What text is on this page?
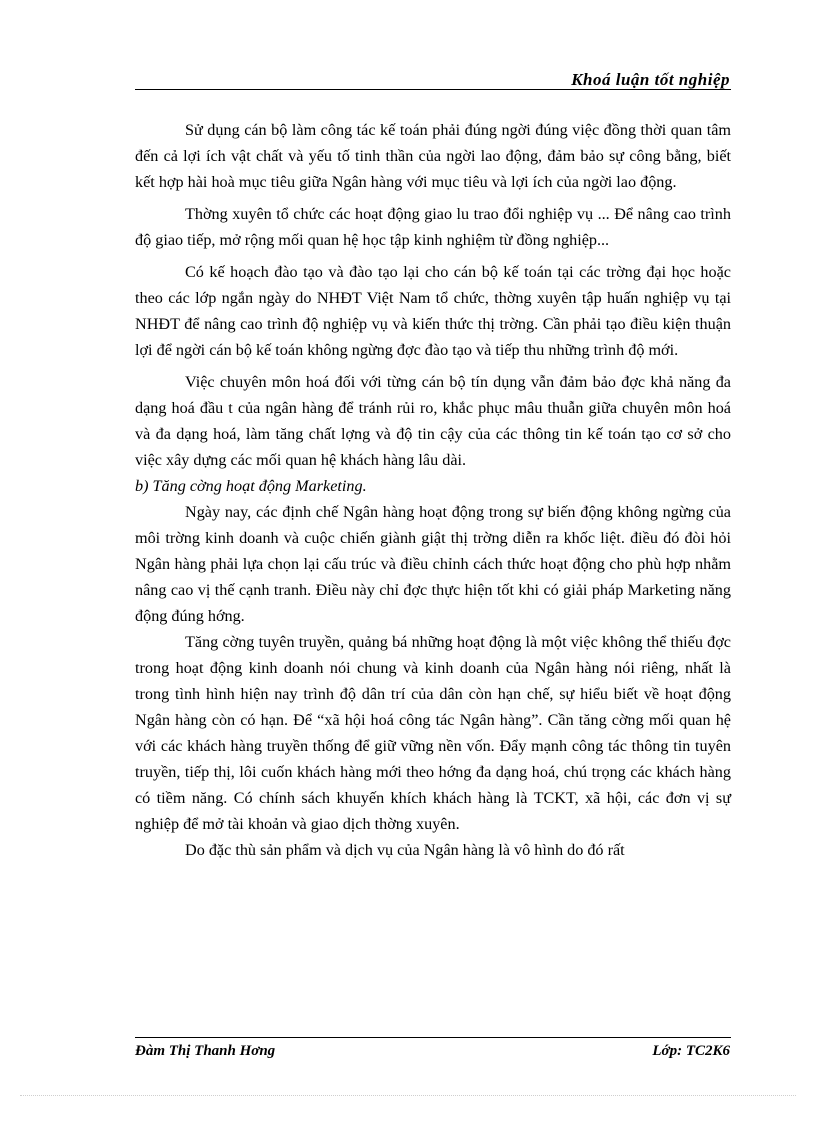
Khoá luận tốt nghiệp

Sử dụng cán bộ làm công tác kế toán phải đúng ngời đúng việc đồng thời quan tâm đến cả lợi ích vật chất và yếu tố tinh thần của ngời lao động, đảm bảo sự công bằng, biết kết hợp hài hoà mục tiêu giữa Ngân hàng với mục tiêu và lợi ích của ngời lao động.

Thờng xuyên tổ chức các hoạt động giao lu trao đổi nghiệp vụ ... Để nâng cao trình độ giao tiếp, mở rộng mối quan hệ học tập kinh nghiệm từ đồng nghiệp...

Có kế hoạch đào tạo và đào tạo lại cho cán bộ kế toán tại các trờng đại học hoặc theo các lớp ngắn ngày do NHĐT Việt Nam tổ chức, thờng xuyên tập huấn nghiệp vụ tại NHĐT để nâng cao trình độ nghiệp vụ và kiến thức thị trờng. Cần phải tạo điều kiện thuận lợi để ngời cán bộ kế toán không ngừng đợc đào tạo và tiếp thu những trình độ mới.

Việc chuyên môn hoá đối với từng cán bộ tín dụng vẫn đảm bảo đợc khả năng đa dạng hoá đầu t của ngân hàng để tránh rủi ro, khắc phục mâu thuẫn giữa chuyên môn hoá và đa dạng hoá, làm tăng chất lợng và độ tin cậy của các thông tin kế toán tạo cơ sở cho việc xây dựng các mối quan hệ khách hàng lâu dài.

b) Tăng cờng hoạt động Marketing.

Ngày nay, các định chế Ngân hàng hoạt động trong sự biến động không ngừng của môi trờng kinh doanh và cuộc chiến giành giật thị trờng diễn ra khốc liệt. điều đó đòi hỏi Ngân hàng phải lựa chọn lại cấu trúc và điều chỉnh cách thức hoạt động cho phù hợp nhằm nâng cao vị thế cạnh tranh. Điều này chỉ đợc thực hiện tốt khi có giải pháp Marketing năng động đúng hớng.

Tăng cờng tuyên truyền, quảng bá những hoạt động là một việc không thể thiếu đợc trong hoạt động kinh doanh nói chung và kinh doanh của Ngân hàng nói riêng, nhất là trong tình hình hiện nay trình độ dân trí của dân còn hạn chế, sự hiểu biết về hoạt động Ngân hàng còn có hạn. Để “xã hội hoá công tác Ngân hàng”. Cần tăng cờng mối quan hệ với các khách hàng truyền thống để giữ vững nền vốn. Đẩy mạnh công tác thông tin tuyên truyền, tiếp thị, lôi cuốn khách hàng mới theo hớng đa dạng hoá, chú trọng các khách hàng có tiềm năng. Có chính sách khuyến khích khách hàng là TCKT, xã hội, các đơn vị sự nghiệp để mở tài khoản và giao dịch thờng xuyên.

Do đặc thù sản phẩm và dịch vụ của Ngân hàng là vô hình do đó rất

Đàm Thị Thanh Hơng	Lớp: TC2K6
